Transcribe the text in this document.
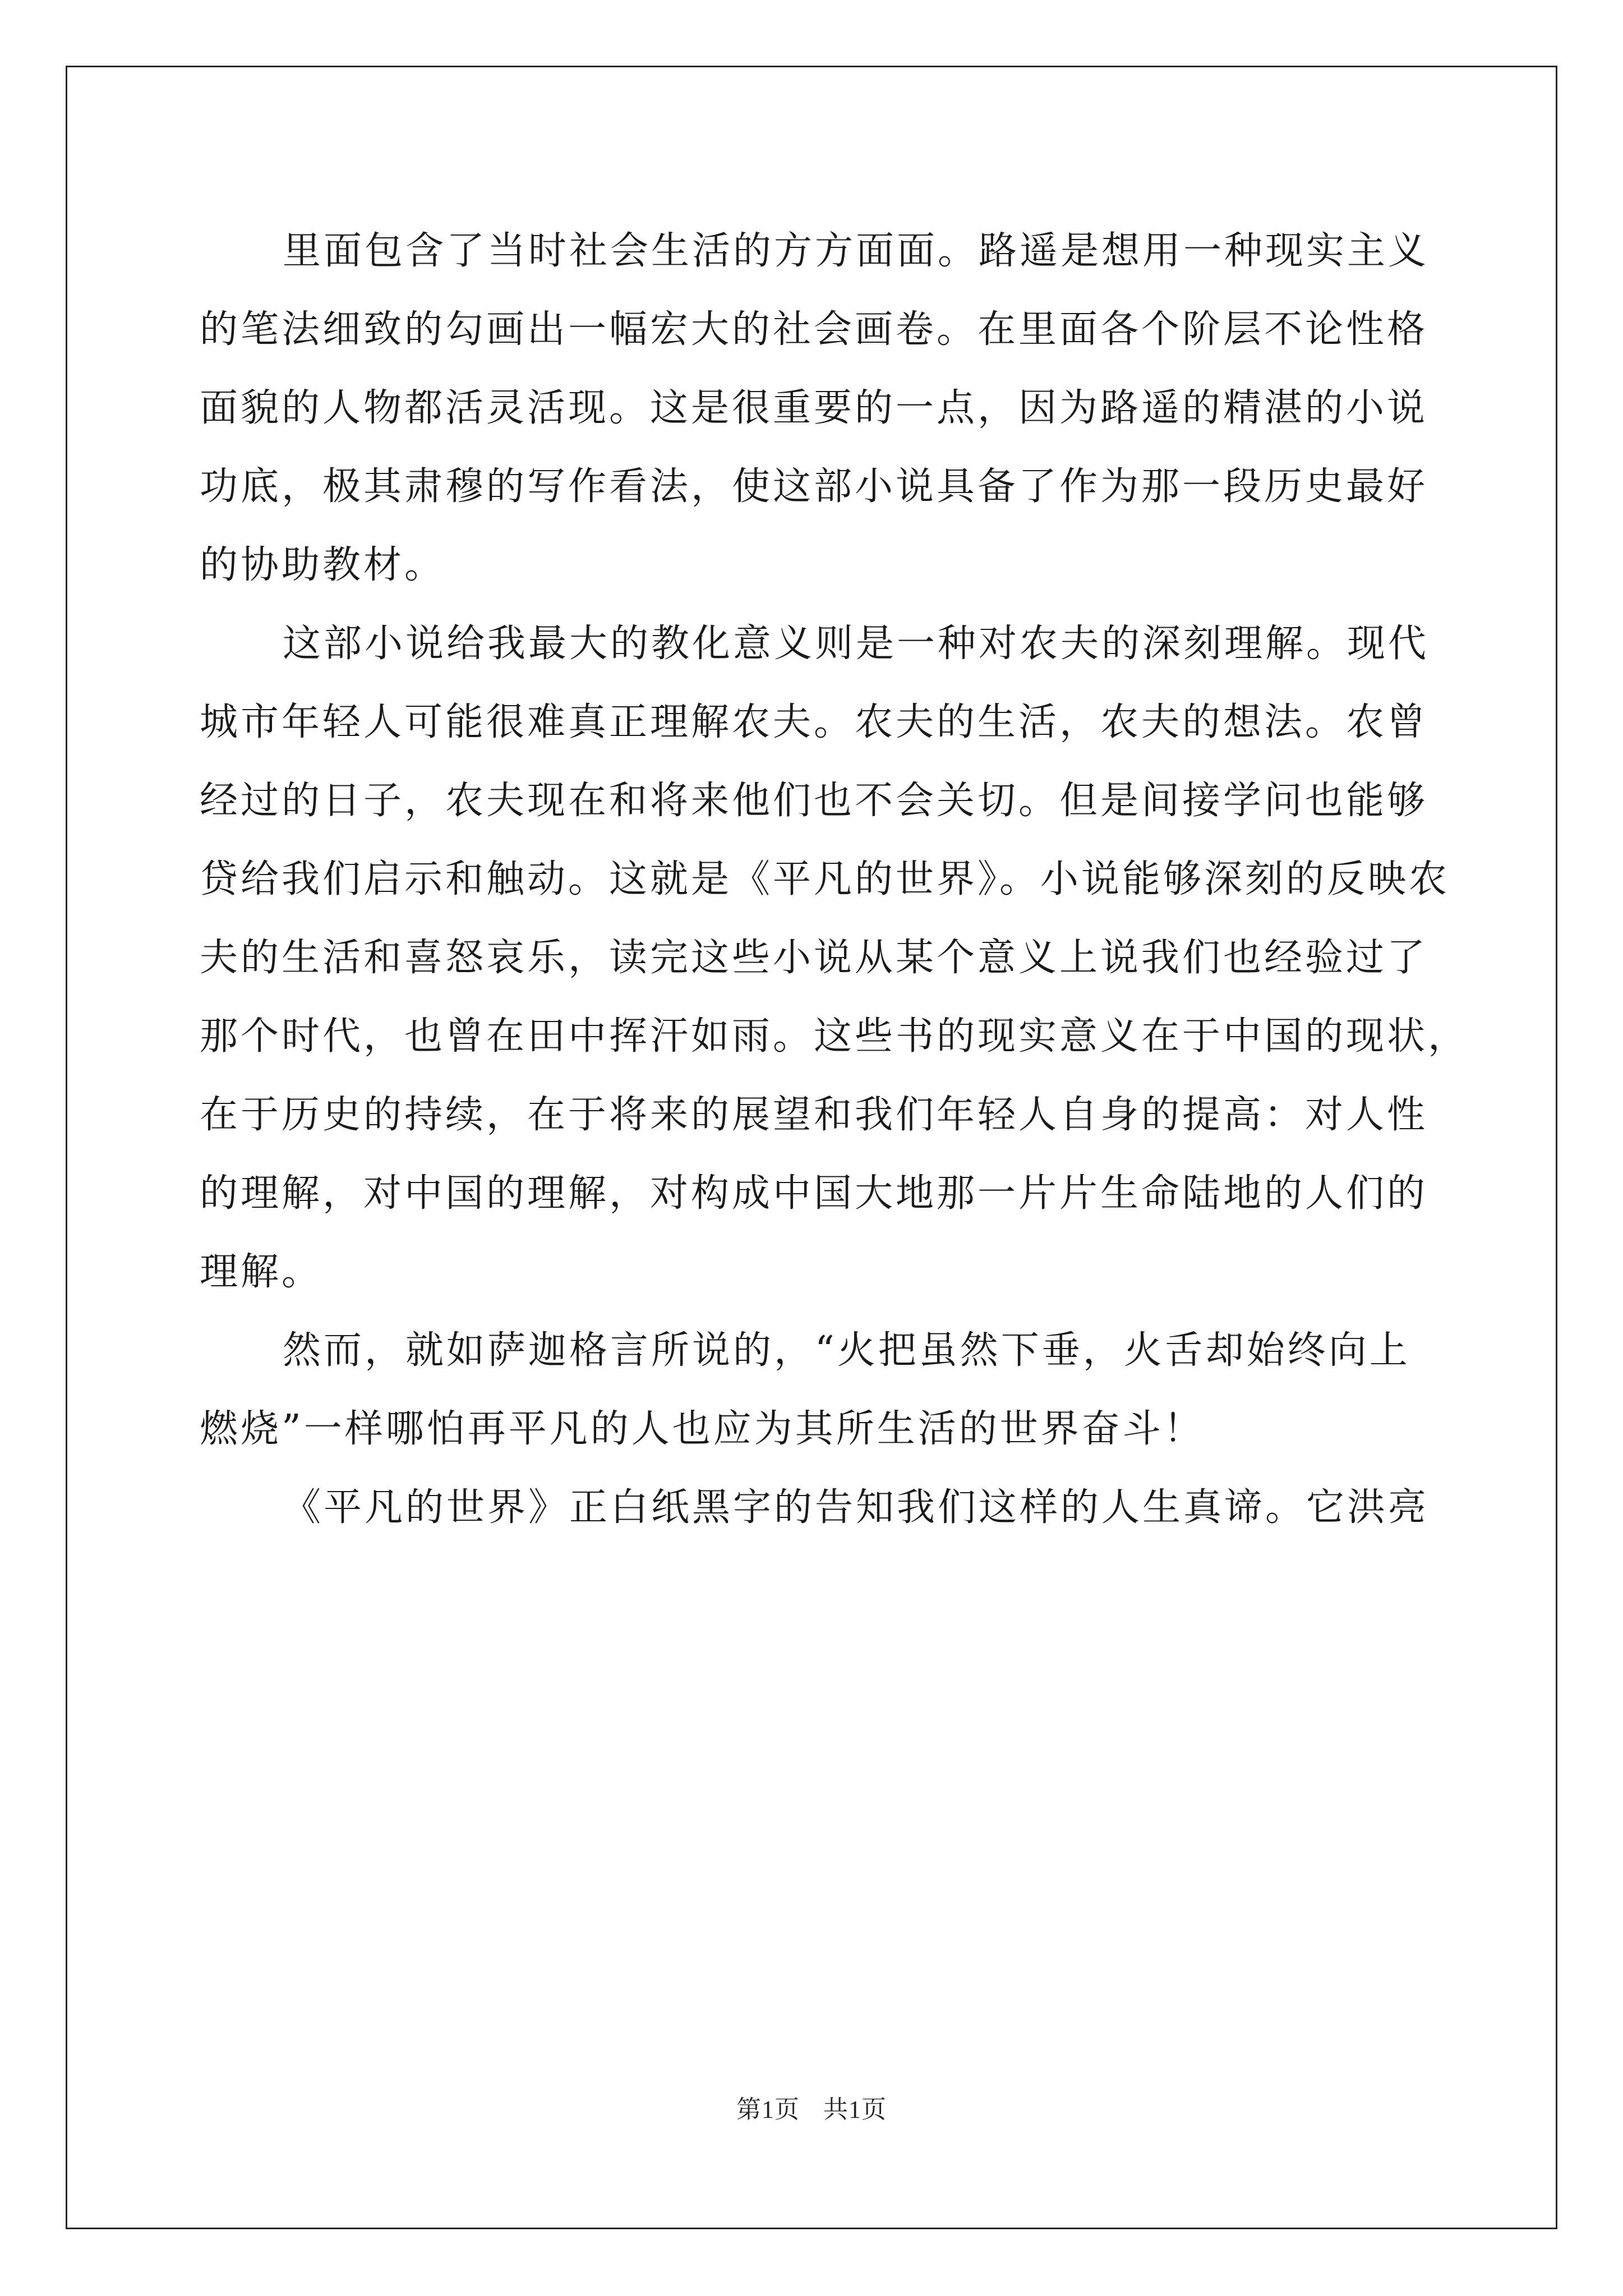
里面包含了当时社会生活的方方面面。路遥是想用一种现实主义
的笔法细致的勾画出一幅宏大的社会画卷。在里面各个阶层不论性格
面貌的人物都活灵活现。这是很重要的一点，因为路遥的精湛的小说
功底，极其肃穆的写作看法，使这部小说具备了作为那一段历史最好
的协助教材。
这部小说给我最大的教化意义则是一种对农夫的深刻理解。现代
城市年轻人可能很难真正理解农夫。农夫的生活，农夫的想法。农曾
经过的日子，农夫现在和将来他们也不会关切。但是间接学问也能够
贷给我们启示和触动。这就是《平凡的世界》。小说能够深刻的反映农
夫的生活和喜怒哀乐，读完这些小说从某个意义上说我们也经验过了
那个时代，也曾在田中挥汗如雨。这些书的现实意义在于中国的现状，
在于历史的持续，在于将来的展望和我们年轻人自身的提高：对人性
的理解，对中国的理解，对构成中国大地那一片片生命陆地的人们的
理解。
然而，就如萨迦格言所说的，“火把虽然下垂，火舌却始终向上
燃烧”一样哪怕再平凡的人也应为其所生活的世界奋斗！
《平凡的世界》正白纸黑字的告知我们这样的人生真谛。它洪亮
第1页 共1页
